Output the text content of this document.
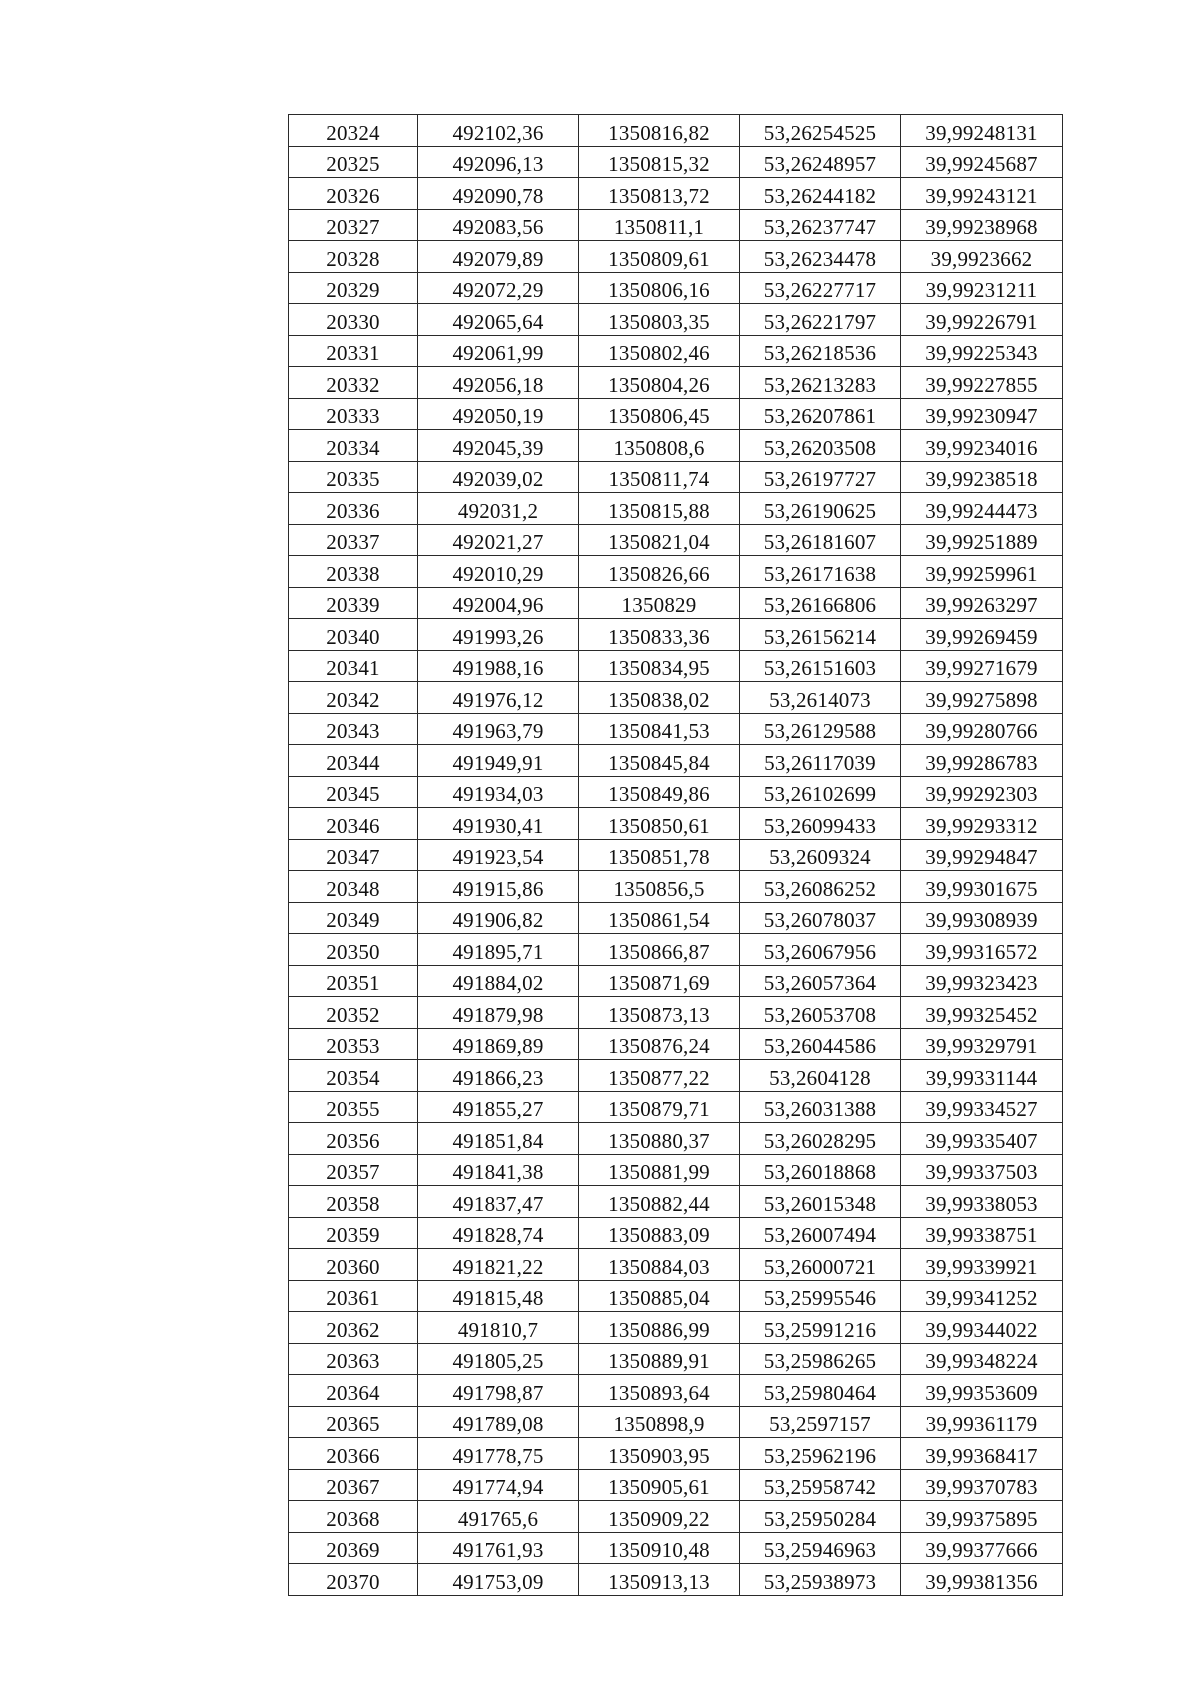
20324	492102,36	1350816,82	53,26254525	39,99248131
20325	492096,13	1350815,32	53,26248957	39,99245687
20326	492090,78	1350813,72	53,26244182	39,99243121
20327	492083,56	1350811,1	53,26237747	39,99238968
20328	492079,89	1350809,61	53,26234478	39,9923662
20329	492072,29	1350806,16	53,26227717	39,99231211
20330	492065,64	1350803,35	53,26221797	39,99226791
20331	492061,99	1350802,46	53,26218536	39,99225343
20332	492056,18	1350804,26	53,26213283	39,99227855
20333	492050,19	1350806,45	53,26207861	39,99230947
20334	492045,39	1350808,6	53,26203508	39,99234016
20335	492039,02	1350811,74	53,26197727	39,99238518
20336	492031,2	1350815,88	53,26190625	39,99244473
20337	492021,27	1350821,04	53,26181607	39,99251889
20338	492010,29	1350826,66	53,26171638	39,99259961
20339	492004,96	1350829	53,26166806	39,99263297
20340	491993,26	1350833,36	53,26156214	39,99269459
20341	491988,16	1350834,95	53,26151603	39,99271679
20342	491976,12	1350838,02	53,2614073	39,99275898
20343	491963,79	1350841,53	53,26129588	39,99280766
20344	491949,91	1350845,84	53,26117039	39,99286783
20345	491934,03	1350849,86	53,26102699	39,99292303
20346	491930,41	1350850,61	53,26099433	39,99293312
20347	491923,54	1350851,78	53,2609324	39,99294847
20348	491915,86	1350856,5	53,26086252	39,99301675
20349	491906,82	1350861,54	53,26078037	39,99308939
20350	491895,71	1350866,87	53,26067956	39,99316572
20351	491884,02	1350871,69	53,26057364	39,99323423
20352	491879,98	1350873,13	53,26053708	39,99325452
20353	491869,89	1350876,24	53,26044586	39,99329791
20354	491866,23	1350877,22	53,2604128	39,99331144
20355	491855,27	1350879,71	53,26031388	39,99334527
20356	491851,84	1350880,37	53,26028295	39,99335407
20357	491841,38	1350881,99	53,26018868	39,99337503
20358	491837,47	1350882,44	53,26015348	39,99338053
20359	491828,74	1350883,09	53,26007494	39,99338751
20360	491821,22	1350884,03	53,26000721	39,99339921
20361	491815,48	1350885,04	53,25995546	39,99341252
20362	491810,7	1350886,99	53,25991216	39,99344022
20363	491805,25	1350889,91	53,25986265	39,99348224
20364	491798,87	1350893,64	53,25980464	39,99353609
20365	491789,08	1350898,9	53,2597157	39,99361179
20366	491778,75	1350903,95	53,25962196	39,99368417
20367	491774,94	1350905,61	53,25958742	39,99370783
20368	491765,6	1350909,22	53,25950284	39,99375895
20369	491761,93	1350910,48	53,25946963	39,99377666
20370	491753,09	1350913,13	53,25938973	39,99381356
